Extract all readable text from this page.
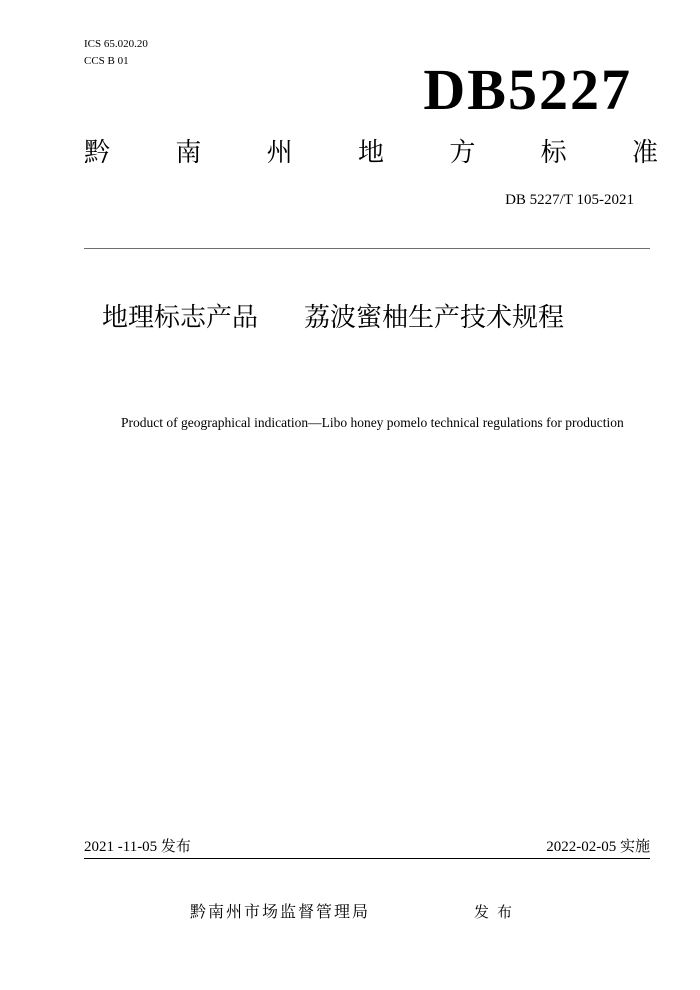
ICS 65.020.20
CCS B 01	DB5227
黔	南	州	地	方	标	准
DB 5227/T 105-2021
地理标志产品 荔波蜜柚生产技术规程
Product of geographical indication—Libo honey pomelo technical regulations for production
2021 -11-05 发布	2022-02-05 实施
黔南州市场监督管理局	发布
